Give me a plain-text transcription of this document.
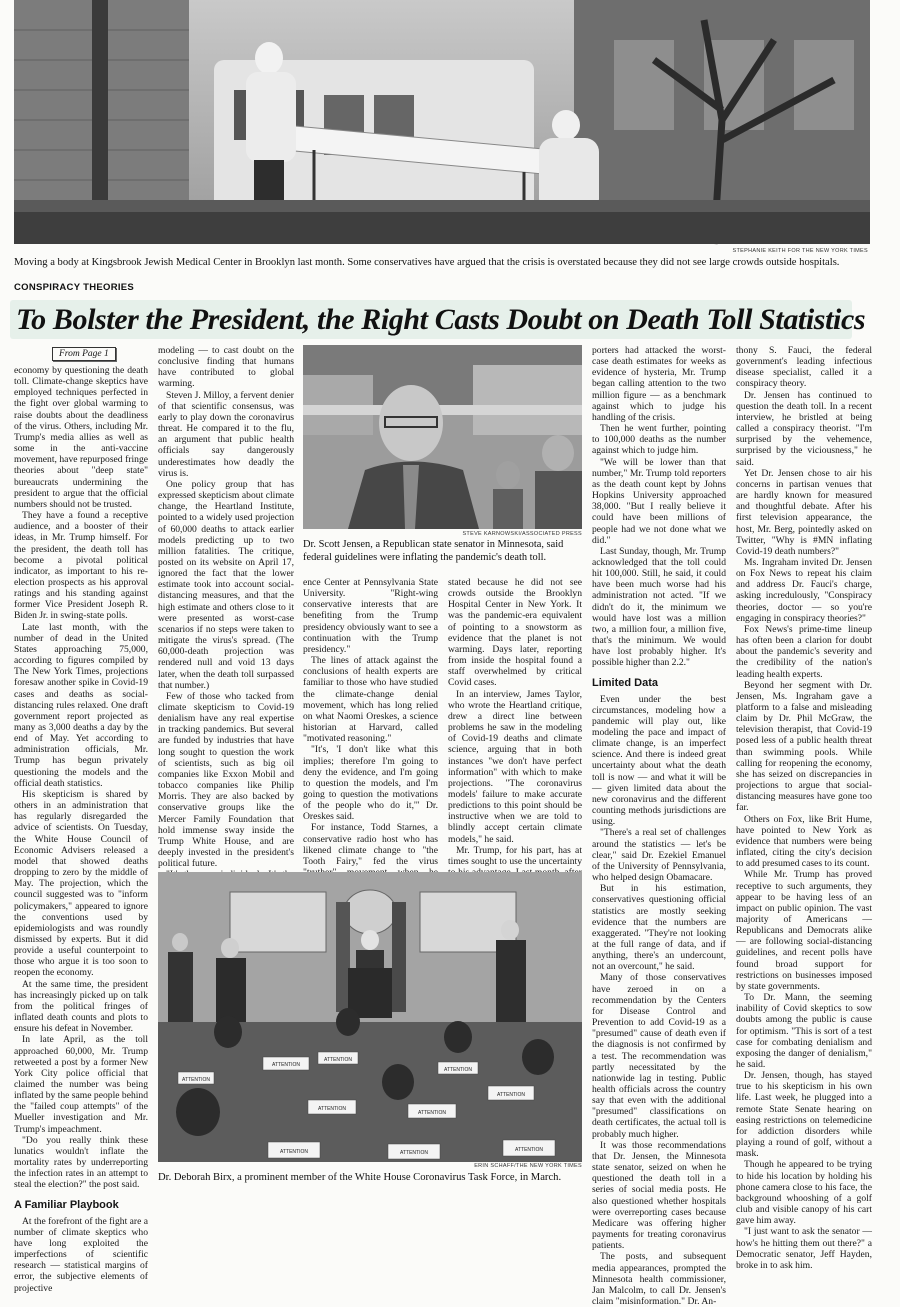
STEPHANIE KEITH FOR THE NEW YORK TIMES
Moving a body at Kingsbrook Jewish Medical Center in Brooklyn last month. Some conservatives have argued that the crisis is overstated because they did not see large crowds outside hospitals.
CONSPIRACY THEORIES
To Bolster the President, the Right Casts Doubt on Death Toll Statistics
From Page 1

economy by questioning the death toll. Climate-change skeptics have employed techniques perfected in the fight over global warming to raise doubts about the deadliness of the virus. Others, including Mr. Trump's media allies as well as some in the anti-vaccine movement, have repurposed fringe theories about "deep state" bureaucrats undermining the president to argue that the official numbers should not be trusted.

They have a found a receptive audience, and a booster of their ideas, in Mr. Trump himself. For the president, the death toll has become a pivotal political indicator, as important to his re-election prospects as his approval ratings and his standing against former Vice President Joseph R. Biden Jr. in swing-state polls.

Late last month, with the number of dead in the United States approaching 75,000, according to figures compiled by The New York Times, projections foresaw another spike in Covid-19 cases and deaths as social-distancing rules relaxed. One draft government report projected as many as 3,000 deaths a day by the end of May. Yet according to administration officials, Mr. Trump has begun privately questioning the models and the official death statistics.

His skepticism is shared by others in an administration that has regularly disregarded the advice of scientists. On Tuesday, the White House Council of Economic Advisers released a model that showed deaths dropping to zero by the middle of May. The projection, which the council suggested was to "inform policymakers," appeared to ignore the conventions used by epidemiologists and was roundly dismissed by experts. But it did provide a useful counterpoint to those who argue it is too soon to reopen the economy.

At the same time, the president has increasingly picked up on talk from the political fringes of inflated death counts and plots to ensure his defeat in November.

In late April, as the toll approached 60,000, Mr. Trump retweeted a post by a former New York City police official that claimed the number was being inflated by the same people behind the "failed coup attempts" of the Mueller investigation and Mr. Trump's impeachment.

"Do you really think these lunatics wouldn't inflate the mortality rates by underreporting the infection rates in an attempt to steal the election?" the post said.

A Familiar Playbook

At the forefront of the fight are a number of climate skeptics who have long exploited the imperfections of scientific research — statistical margins of error, the subjective elements of projective

modeling — to cast doubt on the conclusive finding that humans have contributed to global warming.

Steven J. Milloy, a fervent denier of that scientific consensus, was early to play down the coronavirus threat. He compared it to the flu, an argument that public health officials say dangerously underestimates how deadly the virus is.

One policy group that has expressed skepticism about climate change, the Heartland Institute, pointed to a widely used projection of 60,000 deaths to attack earlier models predicting up to two million fatalities. The critique, posted on its website on April 17, ignored the fact that the lower estimate took into account social-distancing measures, and that the high estimate and others close to it were presented as worst-case scenarios if no steps were taken to mitigate the virus's spread. (The 60,000-death projection was rendered null and void 13 days later, when the death toll surpassed that number.)

Few of those who tacked from climate skepticism to Covid-19 denialism have any real expertise in tracking pandemics. But several are funded by industries that have long sought to question the work of scientists, such as big oil companies like Exxon Mobil and tobacco companies like Philip Morris. They are also backed by conservative groups like the Mercer Family Foundation that hold immense sway inside the Trump White House, and are deeply invested in the president's political future.

STEVE KARNOWSKI/ASSOCIATED PRESS
Dr. Scott Jensen, a Republican state senator in Minnesota, said federal guidelines were inflating the pandemic's death toll.

ence Center at Pennsylvania State University. "Right-wing conservative interests that are benefiting from the Trump presidency obviously want to see a continuation with the Trump presidency."

The lines of attack against the conclusions of health experts are familiar to those who have studied the climate-change denial movement, which has long relied on what Naomi Oreskes, a science historian at Harvard, called "motivated reasoning."

"It's, 'I don't like what this implies; therefore I'm going to deny the evidence, and I'm going to question the models, and I'm going to question the motivations of the people who do it,'" Dr. Oreskes said.

For instance, Todd Starnes, a conservative radio host who has likened climate change to "the Tooth Fairy," fed the virus

stated because he did not see crowds outside the Brooklyn Hospital Center in New York. It was the pandemic-era equivalent of pointing to a snowstorm as evidence that the planet is not warming. Days later, reporting from inside the hospital found a staff overwhelmed by critical Covid cases.

In an interview, James Taylor, who wrote the Heartland critique, drew a direct line between problems he saw in the modeling of Covid-19 deaths and climate science, arguing that in both instances "we don't have perfect information" with which to make projections. "The coronavirus models' failure to make accurate predictions to this point should be instructive when we are told to blindly accept certain climate models," he said.

Mr. Trump, for his part, has at times sought to use the uncertainty

ATTENTION
ATTENTION
ATTENTION
ATTENTION
ATTENTION
ATTENTION
ATTENTION	ATTENTION
ATTENTION
ATTENTION
ERIN SCHAFF/THE NEW YORK TIMES
Dr. Deborah Birx, a prominent member of the White House Coronavirus Task Force, in March.

porters had attacked the worst-case death estimates for weeks as evidence of hysteria, Mr. Trump began calling attention to the two million figure — as a benchmark against which to judge his handling of the crisis.

Then he went further, pointing to 100,000 deaths as the number against which to judge him.

"We will be lower than that number," Mr. Trump told reporters as the death count kept by Johns Hopkins University approached 38,000. "But I really believe it could have been millions of people had we not done what we did."

Last Sunday, though, Mr. Trump acknowledged that the toll could hit 100,000. Still, he said, it could have been much worse had his administration not acted. "If we didn't do it, the minimum we would have lost was a million two, a million four, a million five, that's the minimum. We would have lost probably higher. It's possible higher than 2.2."

Limited Data

Even under the best circumstances, modeling how a pandemic will play out, like modeling the pace and impact of climate change, is an imperfect science. And there is indeed great uncertainty about what the death toll is now — and what it will be — given limited data about the new coronavirus and the different counting methods jurisdictions are using.

"There's a real set of challenges around the statistics — let's be clear," said Dr. Ezekiel Emanuel of the University of Pennsylvania, who helped design Obamacare.

But in his estimation, conservatives questioning official statistics are mostly seeking evidence that the numbers are exaggerated. "They're not looking at the full range of data, and if anything, there's an undercount, not an overcount," he said.

Many of those conservatives have zeroed in on a recommendation by the Centers for Disease Control and Prevention to add Covid-19 as a "presumed" cause of death even if the diagnosis is not confirmed by a test. The recommendation was partly necessitated by the nationwide lag in testing. Public health officials across the country say that even with the additional "presumed" classifications on death certificates, the actual toll is probably much higher.

It was those recommendations that Dr. Jensen, the Minnesota state senator, seized on when he questioned the death toll in a series of social media posts. He also questioned whether hospitals were overreporting cases because Medicare was offering higher payments for treating coronavirus patients.

The posts, and subsequent media appearances, prompted the Minnesota health commissioner, Jan Malcolm, to call Dr. Jensen's claim "misinformation." Dr. An-

thony S. Fauci, the federal government's leading infectious disease specialist, called it a conspiracy theory.

Dr. Jensen has continued to question the death toll. In a recent interview, he bristled at being called a conspiracy theorist. "I'm surprised by the vehemence, surprised by the viciousness," he said.

Yet Dr. Jensen chose to air his concerns in partisan venues that are hardly known for measured and thoughtful debate. After his first television appearance, the host, Mr. Berg, pointedly asked on Twitter, "Why is #MN inflating Covid-19 death numbers?"

Ms. Ingraham invited Dr. Jensen on Fox News to repeat his claim and address Dr. Fauci's charge, asking incredulously, "Conspiracy theories, doctor — so you're engaging in conspiracy theories?"

Fox News's prime-time lineup has often been a clarion for doubt about the pandemic's severity and the credibility of the nation's leading health experts.

Beyond her segment with Dr. Jensen, Ms. Ingraham gave a platform to a false and misleading claim by Dr. Phil McGraw, the television therapist, that Covid-19 posed less of a public health threat than swimming pools. While calling for reopening the economy, she has seized on discrepancies in projections to argue that social-distancing measures have gone too far.

Others on Fox, like Brit Hume, have pointed to New York as evidence that numbers were being inflated, citing the city's decision to add presumed cases to its count.

While Mr. Trump has proved receptive to such arguments, they appear to be having less of an impact on public opinion. The vast majority of Americans — Republicans and Democrats alike — are following social-distancing guidelines, and recent polls have found broad support for restrictions on businesses imposed by state governments.

To Dr. Mann, the seeming inability of Covid skeptics to sow doubts among the public is cause for optimism. "This is sort of a test case for combating denialism and exposing the danger of denialism," he said.

Dr. Jensen, though, has stayed true to his skepticism in his own life. Last week, he plugged into a remote State Senate hearing on easing restrictions on telemedicine for addiction disorders while playing a round of golf, without a mask.

Though he appeared to be trying to hide his location by holding his phone camera close to his face, the background whooshing of a golf club and visible canopy of his cart gave him away.

"I just want to ask the senator — how's he hitting them out there?" a Democratic senator, Jeff Hayden, broke in to ask him.
